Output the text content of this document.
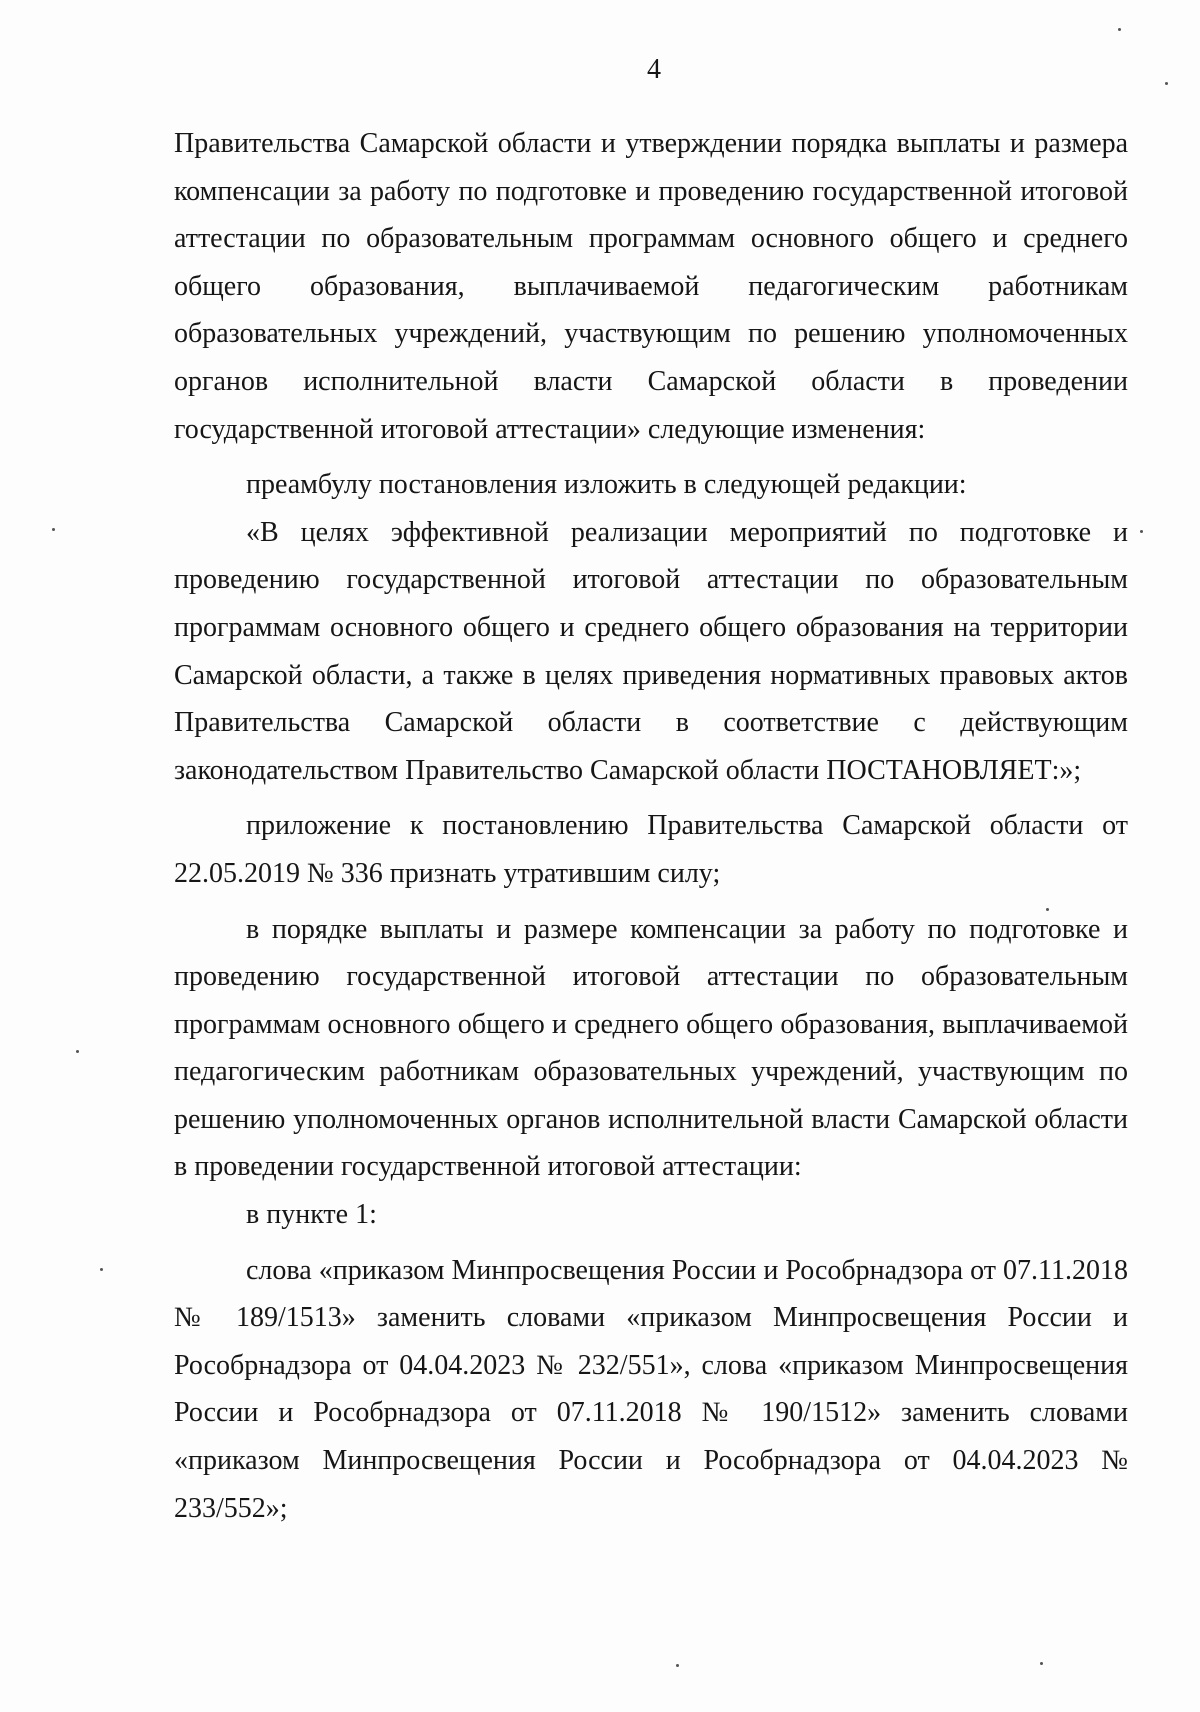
4

Правительства Самарской области и утверждении порядка выплаты и размера компенсации за работу по подготовке и проведению государственной итоговой аттестации по образовательным программам основного общего и среднего общего образования, выплачиваемой педагогическим работникам образовательных учреждений, участвующим по решению уполномоченных органов исполнительной власти Самарской области в проведении государственной итоговой аттестации» следующие изменения:

преамбулу постановления изложить в следующей редакции:

«В целях эффективной реализации мероприятий по подготовке и проведению государственной итоговой аттестации по образовательным программам основного общего и среднего общего образования на территории Самарской области, а также в целях приведения нормативных правовых актов Правительства Самарской области в соответствие с действующим законодательством Правительство Самарской области ПОСТАНОВЛЯЕТ:»;

приложение к постановлению Правительства Самарской области от 22.05.2019 № 336 признать утратившим силу;

в порядке выплаты и размере компенсации за работу по подготовке и проведению государственной итоговой аттестации по образовательным программам основного общего и среднего общего образования, выплачиваемой педагогическим работникам образовательных учреждений, участвующим по решению уполномоченных органов исполнительной власти Самарской области в проведении государственной итоговой аттестации:

в пункте 1:

слова «приказом Минпросвещения России и Рособрнадзора от 07.11.2018 № 189/1513» заменить словами «приказом Минпросвещения России и Рособрнадзора от 04.04.2023 № 232/551», слова «приказом Минпросвещения России и Рособрнадзора от 07.11.2018 № 190/1512» заменить словами «приказом Минпросвещения России и Рособрнадзора от 04.04.2023 № 233/552»;
